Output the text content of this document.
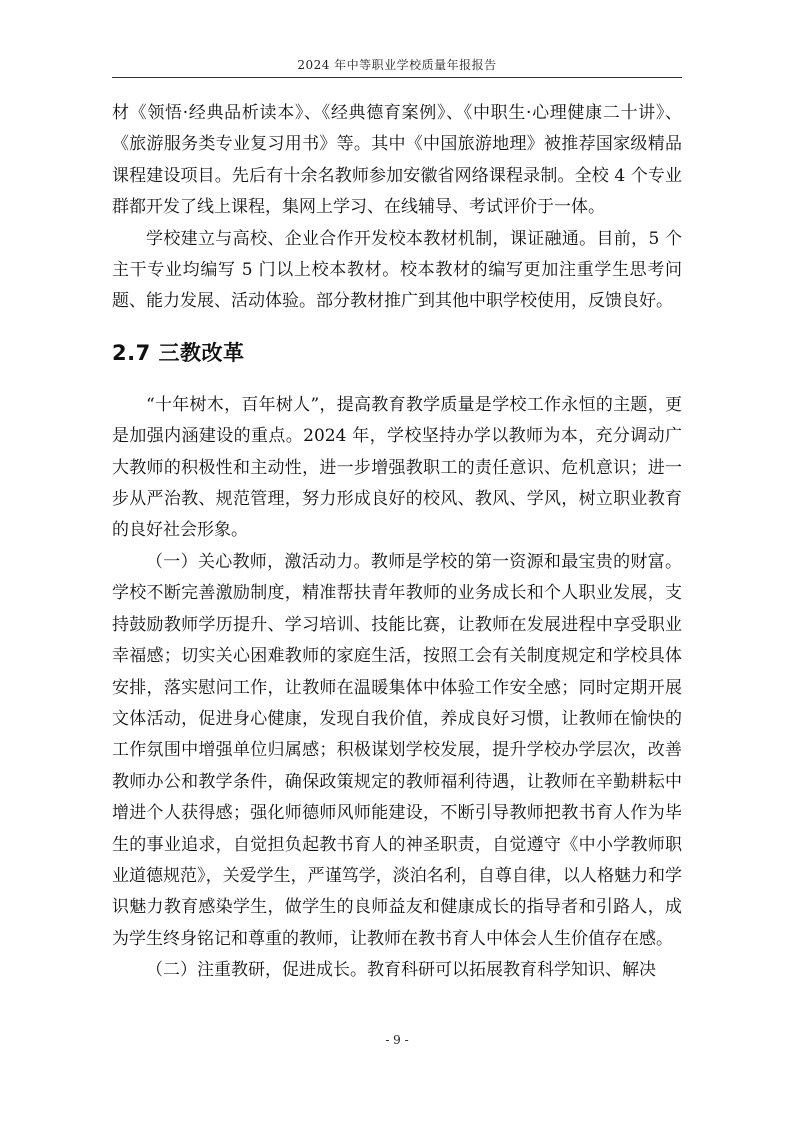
2024 年中等职业学校质量年报报告

材《领悟·经典品析读本》、《经典德育案例》、《中职生·心理健康二十讲》、《旅游服务类专业复习用书》等。其中《中国旅游地理》被推荐国家级精品课程建设项目。先后有十余名教师参加安徽省网络课程录制。全校 4 个专业群都开发了线上课程，集网上学习、在线辅导、考试评价于一体。

学校建立与高校、企业合作开发校本教材机制，课证融通。目前，5 个主干专业均编写 5 门以上校本教材。校本教材的编写更加注重学生思考问题、能力发展、活动体验。部分教材推广到其他中职学校使用，反馈良好。

2.7 三教改革

“十年树木，百年树人”，提高教育教学质量是学校工作永恒的主题，更是加强内涵建设的重点。2024 年，学校坚持办学以教师为本，充分调动广大教师的积极性和主动性，进一步增强教职工的责任意识、危机意识；进一步从严治教、规范管理，努力形成良好的校风、教风、学风，树立职业教育的良好社会形象。

（一）关心教师，激活动力。教师是学校的第一资源和最宝贵的财富。学校不断完善激励制度，精准帮扶青年教师的业务成长和个人职业发展，支持鼓励教师学历提升、学习培训、技能比赛，让教师在发展进程中享受职业幸福感；切实关心困难教师的家庭生活，按照工会有关制度规定和学校具体安排，落实慰问工作，让教师在温暖集体中体验工作安全感；同时定期开展文体活动，促进身心健康，发现自我价值，养成良好习惯，让教师在愉快的工作氛围中增强单位归属感；积极谋划学校发展，提升学校办学层次，改善教师办公和教学条件，确保政策规定的教师福利待遇，让教师在辛勤耕耘中增进个人获得感；强化师德师风师能建设，不断引导教师把教书育人作为毕生的事业追求，自觉担负起教书育人的神圣职责，自觉遵守《中小学教师职业道德规范》，关爱学生，严谨笃学，淡泊名利，自尊自律，以人格魅力和学识魅力教育感染学生，做学生的良师益友和健康成长的指导者和引路人，成为学生终身铭记和尊重的教师，让教师在教书育人中体会人生价值存在感。

（二）注重教研，促进成长。教育科研可以拓展教育科学知识、解决

- 9 -
